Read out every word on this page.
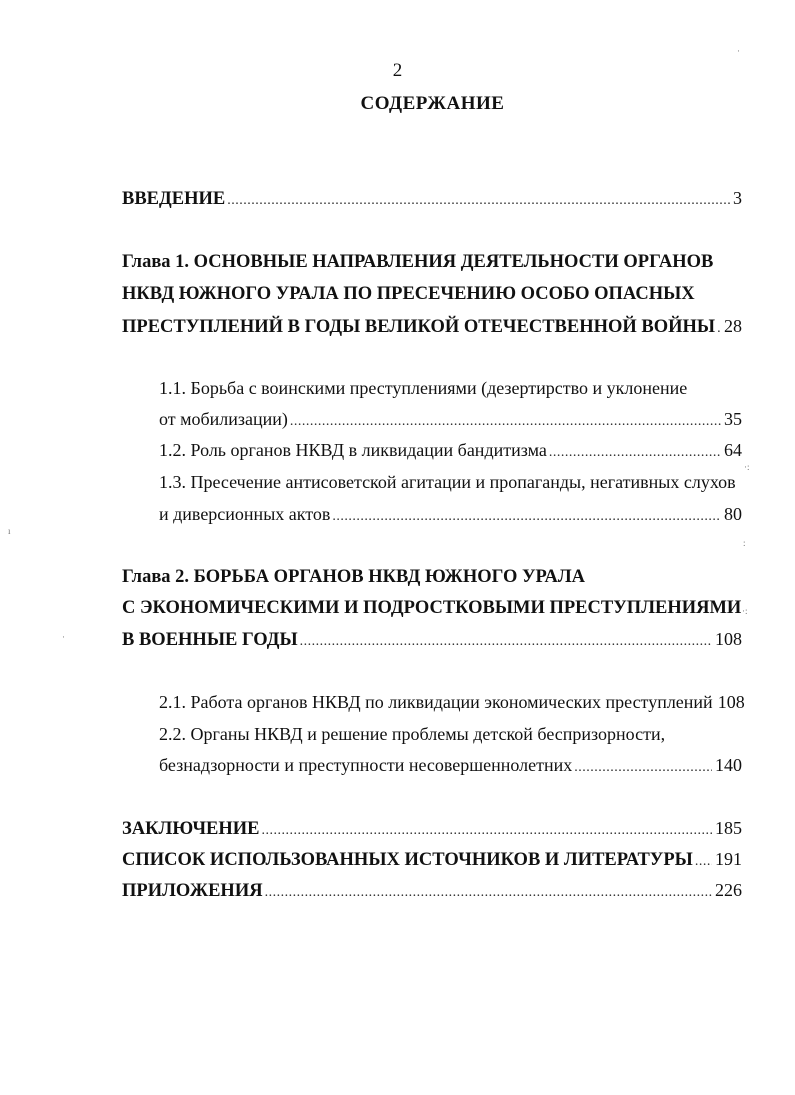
2
СОДЕРЖАНИЕ
ВВЕДЕНИЕ .....	3
Глава 1. ОСНОВНЫЕ НАПРАВЛЕНИЯ ДЕЯТЕЛЬНОСТИ ОРГАНОВ
НКВД ЮЖНОГО УРАЛА ПО ПРЕСЕЧЕНИЮ ОСОБО ОПАСНЫХ
ПРЕСТУПЛЕНИЙ В ГОДЫ ВЕЛИКОЙ ОТЕЧЕСТВЕННОЙ ВОЙНЫ ..... 28
1.1. Борьба с воинскими преступлениями (дезертирство и уклонение
от мобилизации) .....	35
1.2. Роль органов НКВД в ликвидации бандитизма .....	64
1.3. Пресечение антисоветской агитации и пропаганды, негативных слухов
и диверсионных актов .....	80
Глава 2. БОРЬБА ОРГАНОВ НКВД ЮЖНОГО УРАЛА
С ЭКОНОМИЧЕСКИМИ И ПОДРОСТКОВЫМИ ПРЕСТУПЛЕНИЯМИ
В ВОЕННЫЕ ГОДЫ .....	108
2.1. Работа органов НКВД по ликвидации экономических преступлений 108
2.2. Органы НКВД и решение проблемы детской беспризорности,
безнадзорности и преступности несовершеннолетних .....	140
ЗАКЛЮЧЕНИЕ .....	185
СПИСОК ИСПОЛЬЗОВАННЫХ ИСТОЧНИКОВ И ЛИТЕРАТУРЫ ..... 191
ПРИЛОЖЕНИЯ .....	226
·
·:
:
·:
ı
·
